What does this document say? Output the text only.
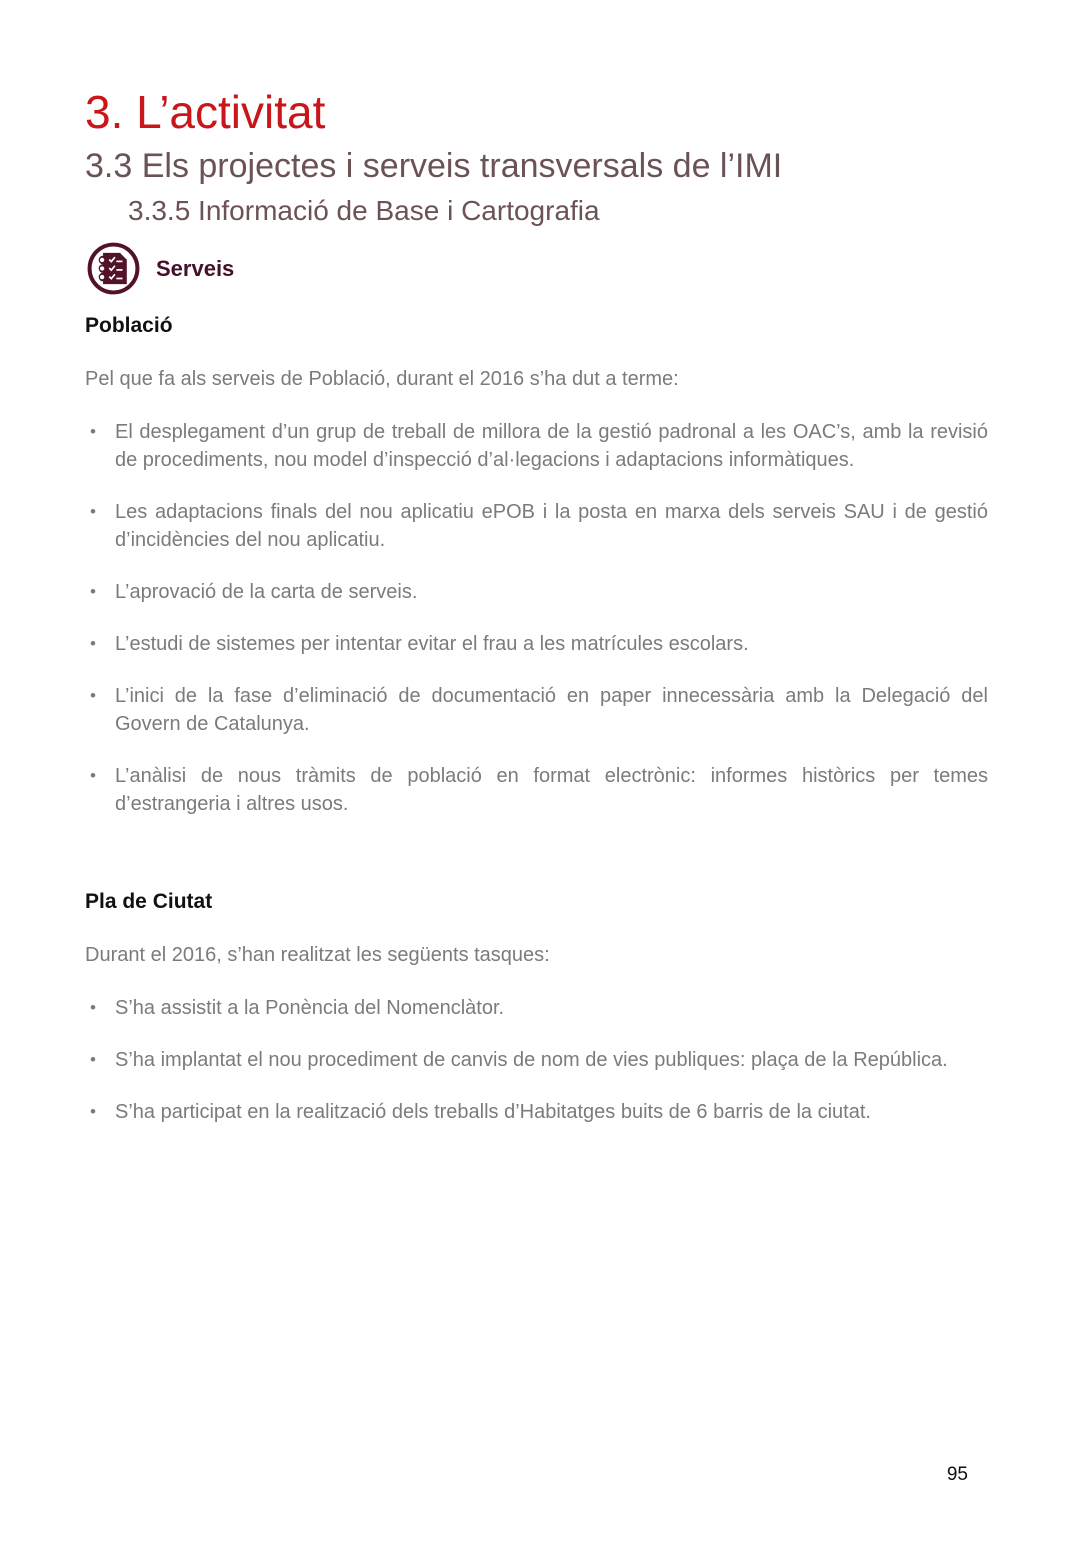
3. L’activitat
3.3 Els projectes i serveis transversals de l’IMI
3.3.5 Informació de Base i Cartografia
Serveis
Població

Pel que fa als serveis de Població, durant el 2016 s’ha dut a terme:

• El desplegament d’un grup de treball de millora de la gestió padronal a les OAC’s, amb la revisió de procediments, nou model d’inspecció d’al·legacions i adaptacions informàtiques.
• Les adaptacions finals del nou aplicatiu ePOB i la posta en marxa dels serveis SAU i de gestió d’incidències del nou aplicatiu.
• L’aprovació de la carta de serveis.
• L’estudi de sistemes per intentar evitar el frau a les matrícules escolars.
• L’inici de la fase d’eliminació de documentació en paper innecessària amb la Delegació del Govern de Catalunya.
• L’anàlisi de nous tràmits de població en format electrònic: informes històrics per temes d’estrangeria i altres usos.
Pla de Ciutat

Durant el 2016, s’han realitzat les següents tasques:

• S’ha assistit a la Ponència del Nomenclàtor.
• S’ha implantat el nou procediment de canvis de nom de vies publiques: plaça de la República.
• S’ha participat en la realització dels treballs d’Habitatges buits de 6 barris de la ciutat.
95
